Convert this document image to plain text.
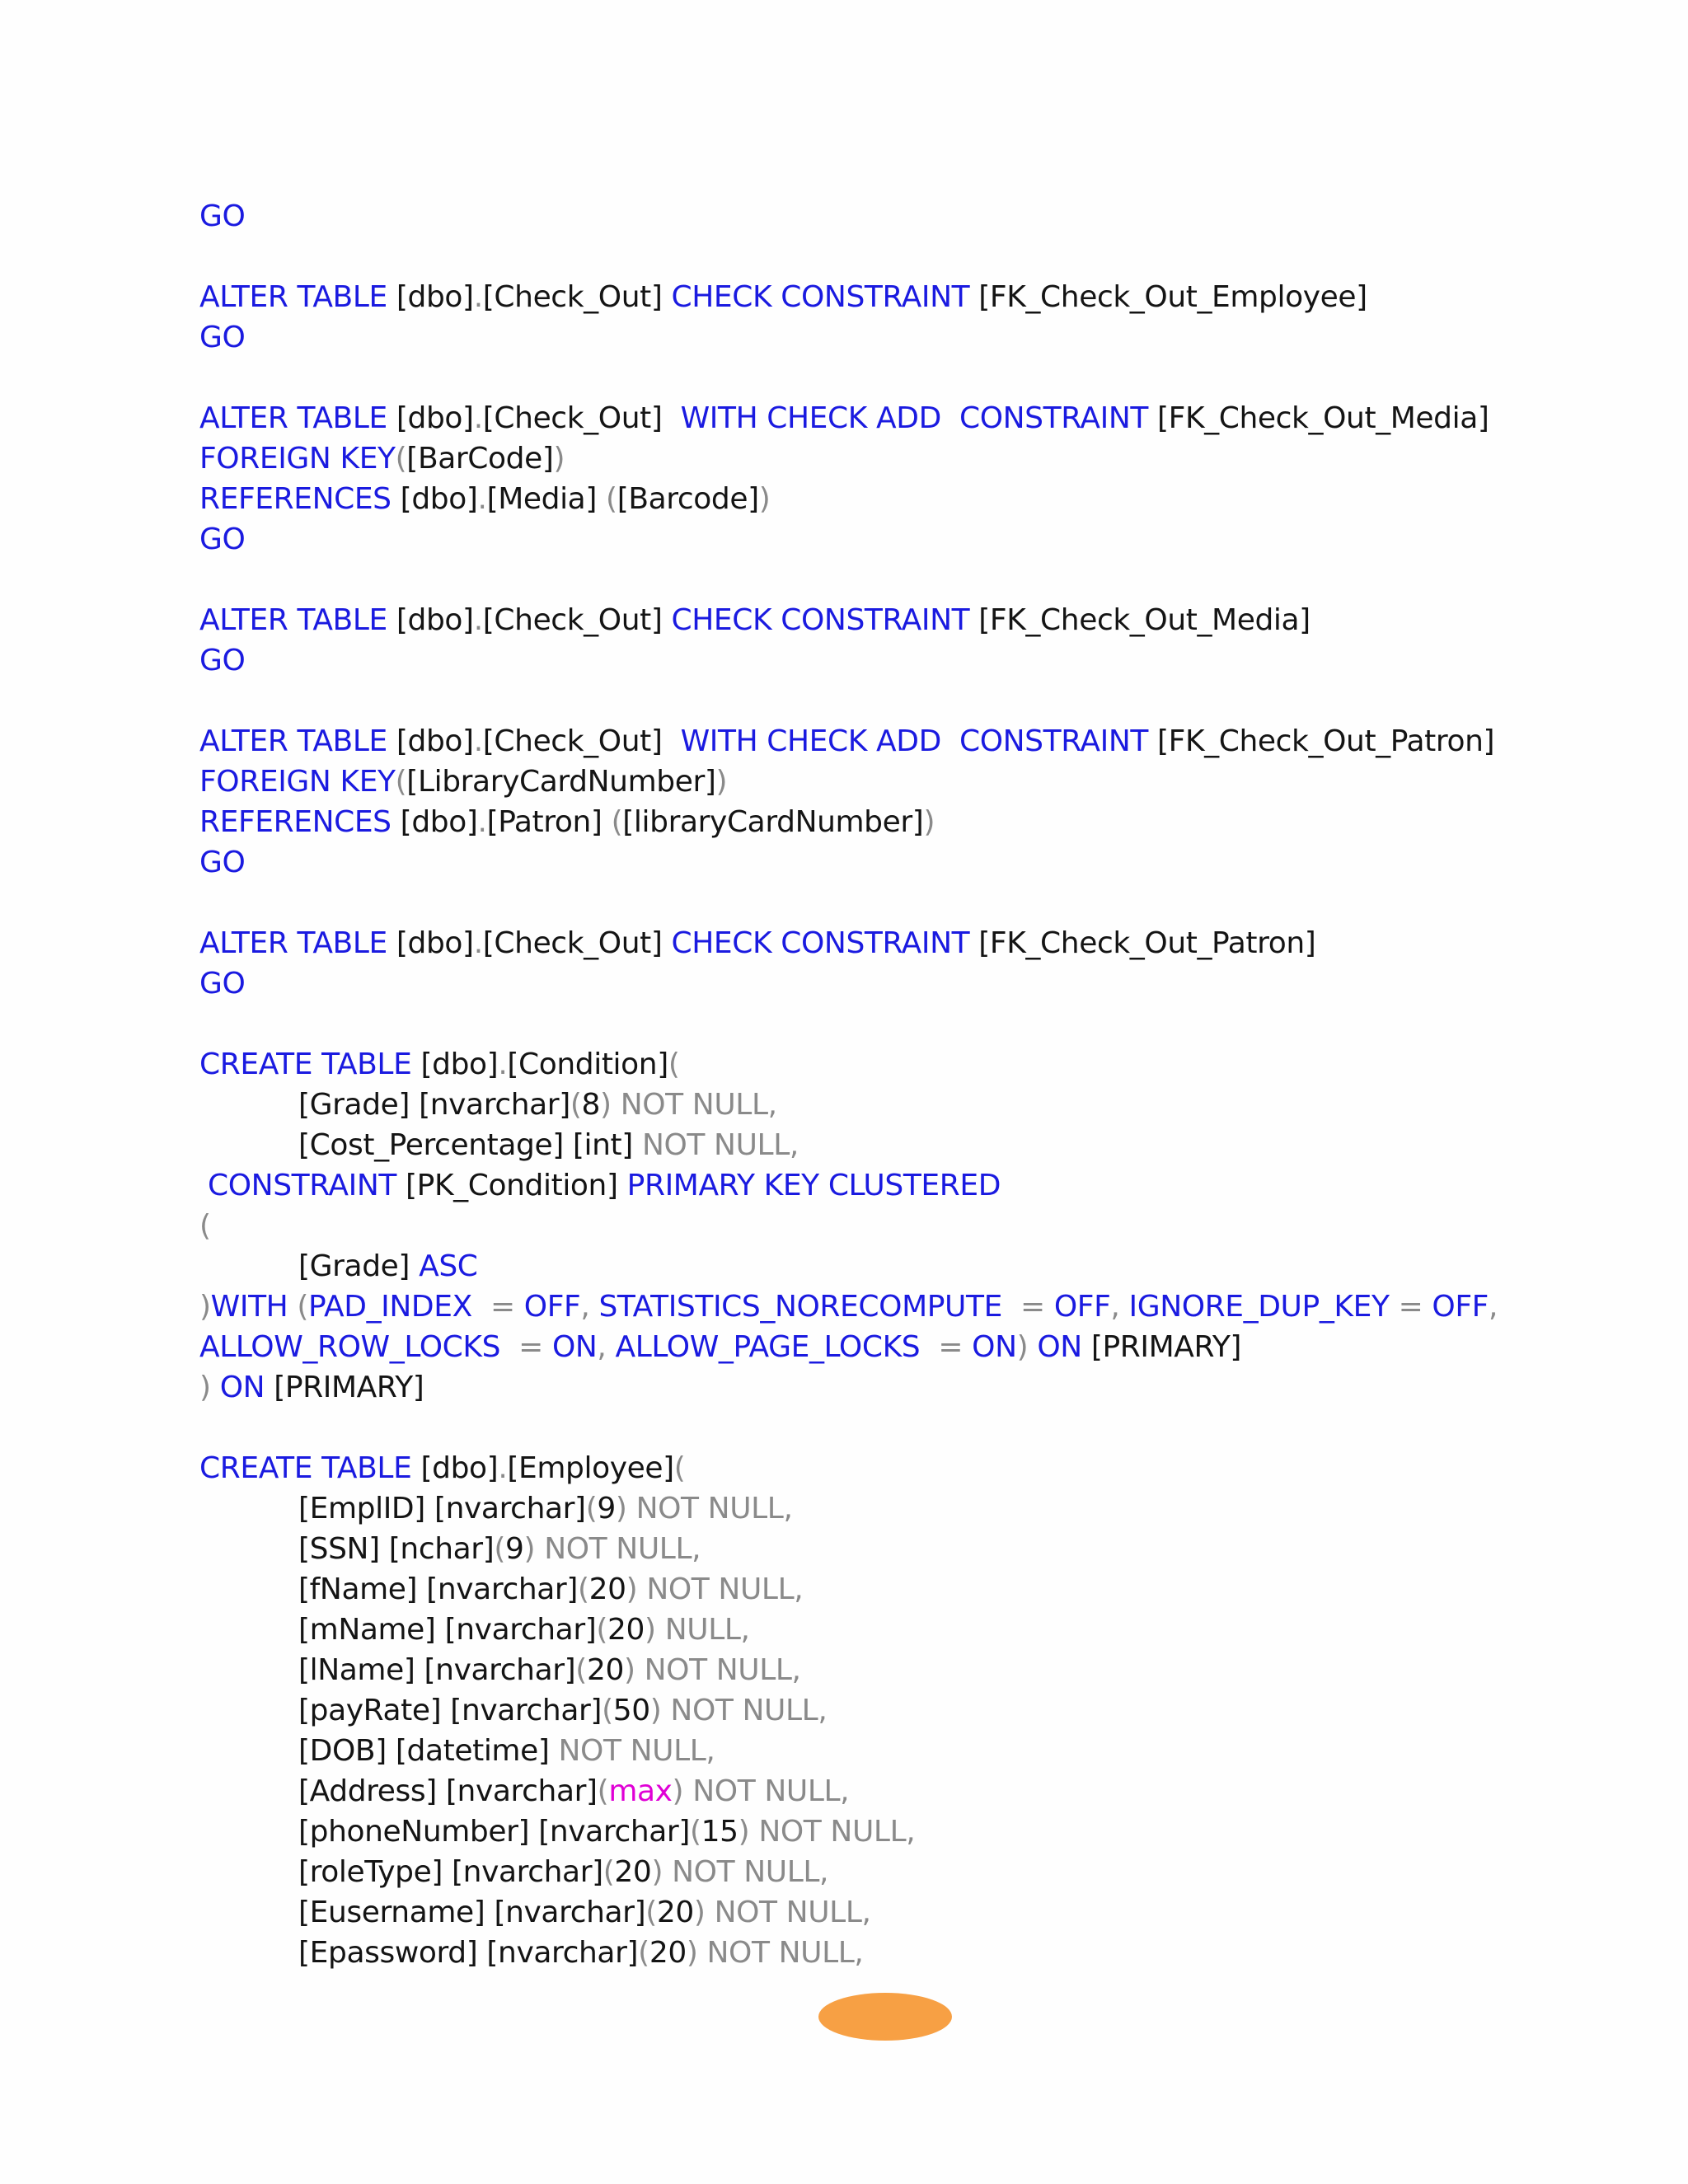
GO
ALTER TABLE [dbo].[Check_Out] CHECK CONSTRAINT [FK_Check_Out_Employee]
GO
ALTER TABLE [dbo].[Check_Out]  WITH CHECK ADD  CONSTRAINT [FK_Check_Out_Media]
FOREIGN KEY([BarCode])
REFERENCES [dbo].[Media] ([Barcode])
GO
ALTER TABLE [dbo].[Check_Out] CHECK CONSTRAINT [FK_Check_Out_Media]
GO
ALTER TABLE [dbo].[Check_Out]  WITH CHECK ADD  CONSTRAINT [FK_Check_Out_Patron]
FOREIGN KEY([LibraryCardNumber])
REFERENCES [dbo].[Patron] ([libraryCardNumber])
GO
ALTER TABLE [dbo].[Check_Out] CHECK CONSTRAINT [FK_Check_Out_Patron]
GO
CREATE TABLE [dbo].[Condition](
[Grade] [nvarchar](8) NOT NULL,
[Cost_Percentage] [int] NOT NULL,
CONSTRAINT [PK_Condition] PRIMARY KEY CLUSTERED
(
[Grade] ASC
)WITH (PAD_INDEX  = OFF, STATISTICS_NORECOMPUTE  = OFF, IGNORE_DUP_KEY = OFF,
ALLOW_ROW_LOCKS  = ON, ALLOW_PAGE_LOCKS  = ON) ON [PRIMARY]
) ON [PRIMARY]
CREATE TABLE [dbo].[Employee](
[EmplID] [nvarchar](9) NOT NULL,
[SSN] [nchar](9) NOT NULL,
[fName] [nvarchar](20) NOT NULL,
[mName] [nvarchar](20) NULL,
[lName] [nvarchar](20) NOT NULL,
[payRate] [nvarchar](50) NOT NULL,
[DOB] [datetime] NOT NULL,
[Address] [nvarchar](max) NOT NULL,
[phoneNumber] [nvarchar](15) NOT NULL,
[roleType] [nvarchar](20) NOT NULL,
[Eusername] [nvarchar](20) NOT NULL,
[Epassword] [nvarchar](20) NOT NULL,
